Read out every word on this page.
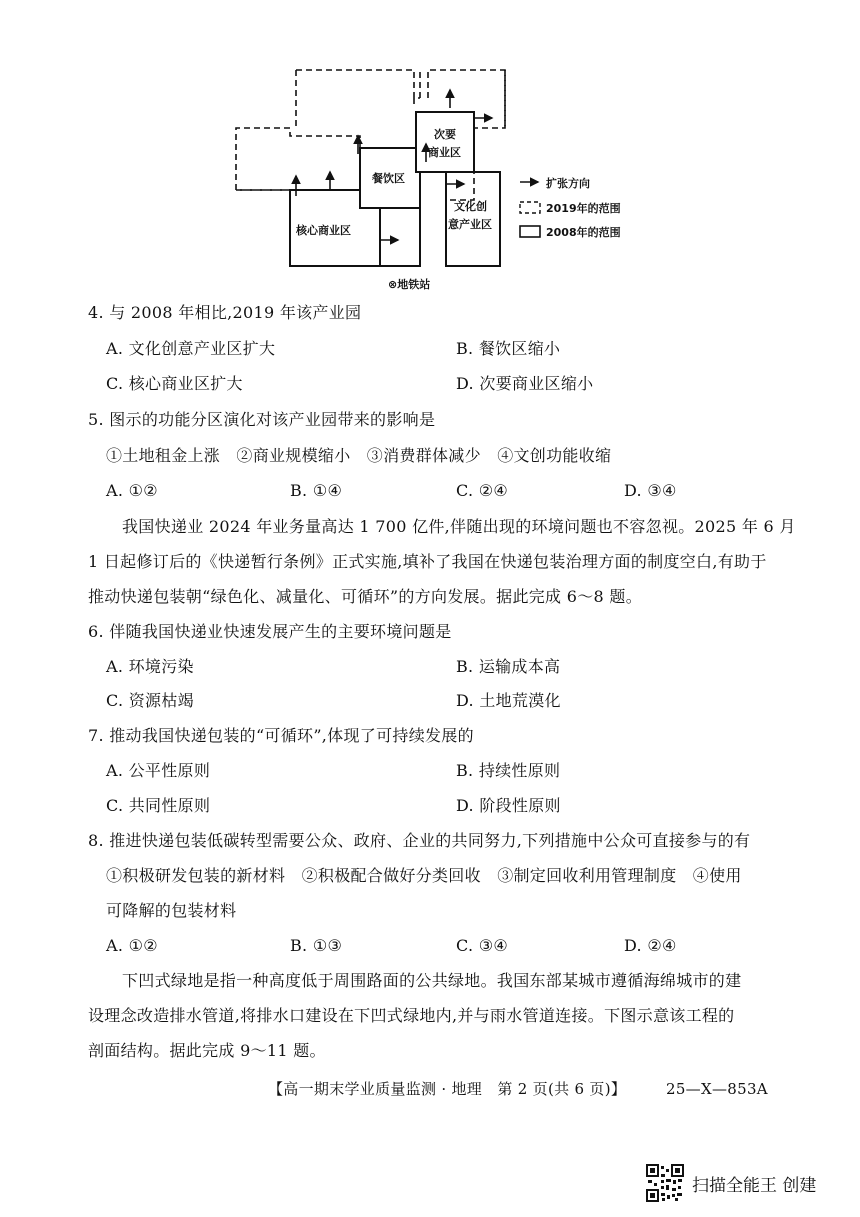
核心商业区
餐饮区
次要
商业区
文化创
意产业区
⊗地铁站
扩张方向
2019年的范围
2008年的范围
4. 与 2008 年相比,2019 年该产业园
A. 文化创意产业区扩大	B. 餐饮区缩小
C. 核心商业区扩大	D. 次要商业区缩小
5. 图示的功能分区演化对该产业园带来的影响是
①土地租金上涨　②商业规模缩小　③消费群体减少　④文创功能收缩
A. ①②	B. ①④	C. ②④	D. ③④
我国快递业 2024 年业务量高达 1 700 亿件,伴随出现的环境问题也不容忽视。2025 年 6 月
1 日起修订后的《快递暂行条例》正式实施,填补了我国在快递包装治理方面的制度空白,有助于
推动快递包装朝“绿色化、减量化、可循环”的方向发展。据此完成 6～8 题。
6. 伴随我国快递业快速发展产生的主要环境问题是
A. 环境污染	B. 运输成本高
C. 资源枯竭	D. 土地荒漠化
7. 推动我国快递包装的“可循环”,体现了可持续发展的
A. 公平性原则	B. 持续性原则
C. 共同性原则	D. 阶段性原则
8. 推进快递包装低碳转型需要公众、政府、企业的共同努力,下列措施中公众可直接参与的有
①积极研发包装的新材料　②积极配合做好分类回收　③制定回收利用管理制度　④使用
可降解的包装材料
A. ①②	B. ①③	C. ③④	D. ②④
下凹式绿地是指一种高度低于周围路面的公共绿地。我国东部某城市遵循海绵城市的建
设理念改造排水管道,将排水口建设在下凹式绿地内,并与雨水管道连接。下图示意该工程的
剖面结构。据此完成 9～11 题。
【高一期末学业质量监测 · 地理　第 2 页(共 6 页)】	25—X—853A
扫描全能王 创建
